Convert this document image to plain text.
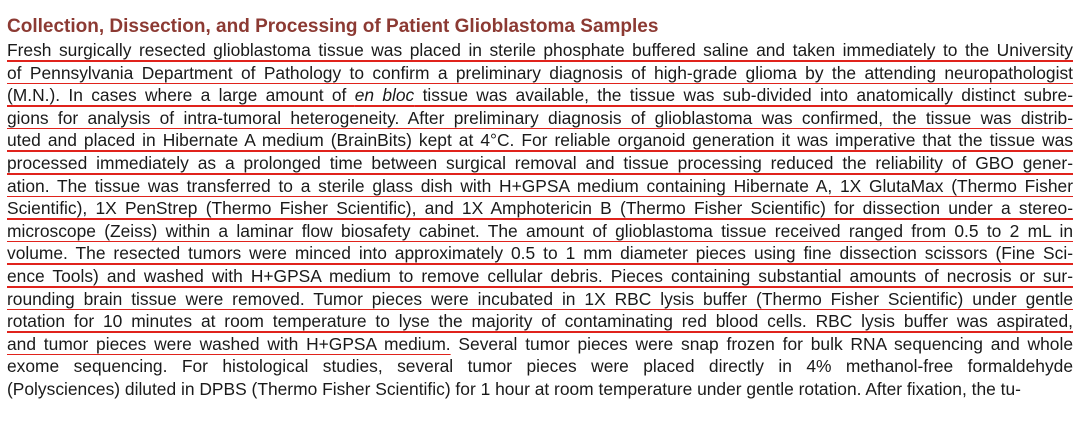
Collection, Dissection, and Processing of Patient Glioblastoma Samples
Fresh surgically resected glioblastoma tissue was placed in sterile phosphate buffered saline and taken immediately to the University
of Pennsylvania Department of Pathology to confirm a preliminary diagnosis of high-grade glioma by the attending neuropathologist
(M.N.). In cases where a large amount of en bloc tissue was available, the tissue was sub-divided into anatomically distinct subre-
gions for analysis of intra-tumoral heterogeneity. After preliminary diagnosis of glioblastoma was confirmed, the tissue was distrib-
uted and placed in Hibernate A medium (BrainBits) kept at 4°C. For reliable organoid generation it was imperative that the tissue was
processed immediately as a prolonged time between surgical removal and tissue processing reduced the reliability of GBO gener-
ation. The tissue was transferred to a sterile glass dish with H+GPSA medium containing Hibernate A, 1X GlutaMax (Thermo Fisher
Scientific), 1X PenStrep (Thermo Fisher Scientific), and 1X Amphotericin B (Thermo Fisher Scientific) for dissection under a stereo-
microscope (Zeiss) within a laminar flow biosafety cabinet. The amount of glioblastoma tissue received ranged from 0.5 to 2 mL in
volume. The resected tumors were minced into approximately 0.5 to 1 mm diameter pieces using fine dissection scissors (Fine Sci-
ence Tools) and washed with H+GPSA medium to remove cellular debris. Pieces containing substantial amounts of necrosis or sur-
rounding brain tissue were removed. Tumor pieces were incubated in 1X RBC lysis buffer (Thermo Fisher Scientific) under gentle
rotation for 10 minutes at room temperature to lyse the majority of contaminating red blood cells. RBC lysis buffer was aspirated,
and tumor pieces were washed with H+GPSA medium. Several tumor pieces were snap frozen for bulk RNA sequencing and whole
exome sequencing. For histological studies, several tumor pieces were placed directly in 4% methanol-free formaldehyde
(Polysciences) diluted in DPBS (Thermo Fisher Scientific) for 1 hour at room temperature under gentle rotation. After fixation, the tu-
